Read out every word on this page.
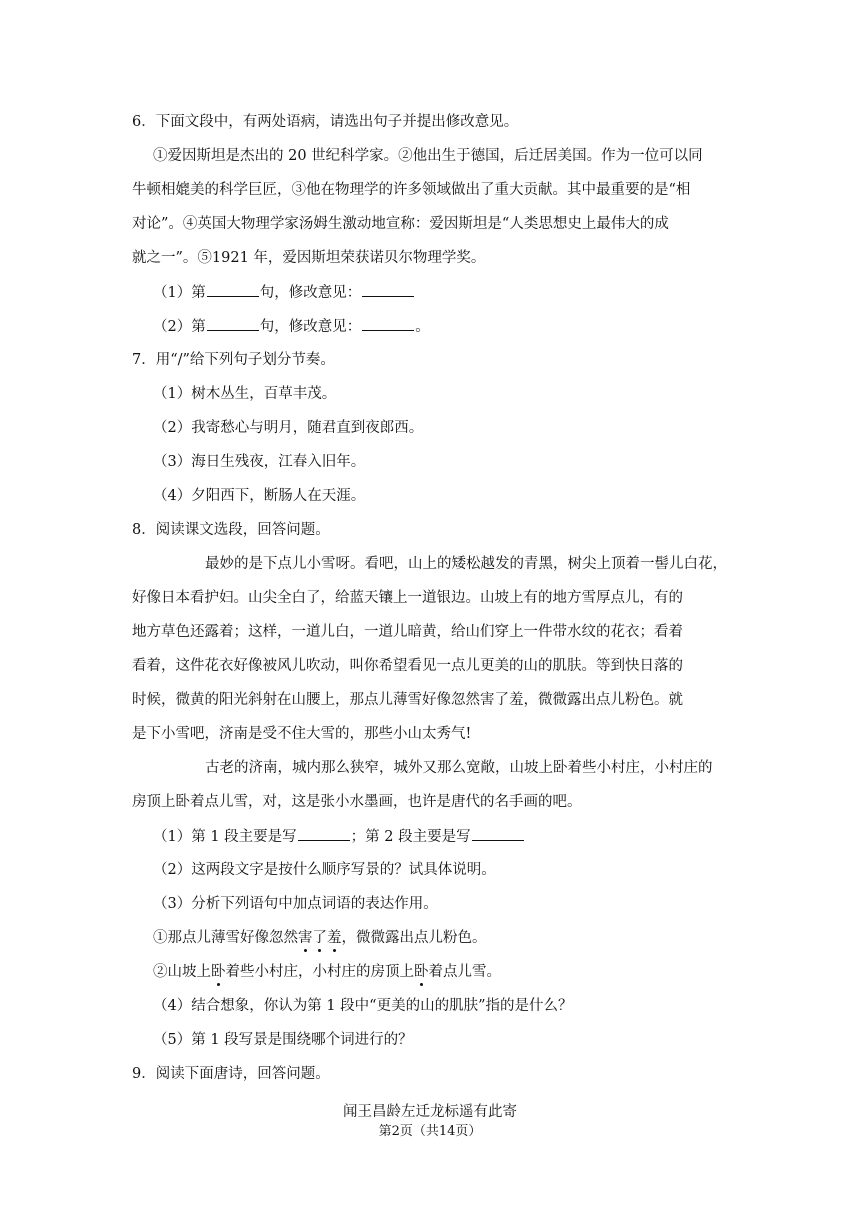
6．下面文段中，有两处语病，请选出句子并提出修改意见。
①爱因斯坦是杰出的 20 世纪科学家。②他出生于德国，后迁居美国。作为一位可以同
牛顿相媲美的科学巨匠，③他在物理学的许多领域做出了重大贡献。其中最重要的是“相
对论”。④英国大物理学家汤姆生激动地宣称：爱因斯坦是“人类思想史上最伟大的成
就之一”。⑤1921 年，爱因斯坦荣获诺贝尔物理学奖。
（1）第	句，修改意见：
（2）第	句，修改意见：	。
7．用“/”给下列句子划分节奏。
（1）树木丛生，百草丰茂。
（2）我寄愁心与明月，随君直到夜郎西。
（3）海日生残夜，江春入旧年。
（4）夕阳西下，断肠人在天涯。
8．阅读课文选段，回答问题。
最妙的是下点儿小雪呀。看吧，山上的矮松越发的青黑，树尖上顶着一髻儿白花，
好像日本看护妇。山尖全白了，给蓝天镶上一道银边。山坡上有的地方雪厚点儿，有的
地方草色还露着；这样，一道儿白，一道儿暗黄，给山们穿上一件带水纹的花衣；看着
看着，这件花衣好像被风儿吹动，叫你希望看见一点儿更美的山的肌肤。等到快日落的
时候，微黄的阳光斜射在山腰上，那点儿薄雪好像忽然害了羞，微微露出点儿粉色。就
是下小雪吧，济南是受不住大雪的，那些小山太秀气!
古老的济南，城内那么狭窄，城外又那么宽敞，山坡上卧着些小村庄，小村庄的
房顶上卧着点儿雪，对，这是张小水墨画，也许是唐代的名手画的吧。
（1）第 1 段主要是写	；第 2 段主要是写
（2）这两段文字是按什么顺序写景的？试具体说明。
（3）分析下列语句中加点词语的表达作用。
①那点儿薄雪好像忽然害了羞，微微露出点儿粉色。
②山坡上卧着些小村庄，小村庄的房顶上卧着点儿雪。
（4）结合想象，你认为第 1 段中“更美的山的肌肤”指的是什么？
（5）第 1 段写景是围绕哪个词进行的？
9．阅读下面唐诗，回答问题。
闻王昌龄左迁龙标遥有此寄
第2页（共14页）
